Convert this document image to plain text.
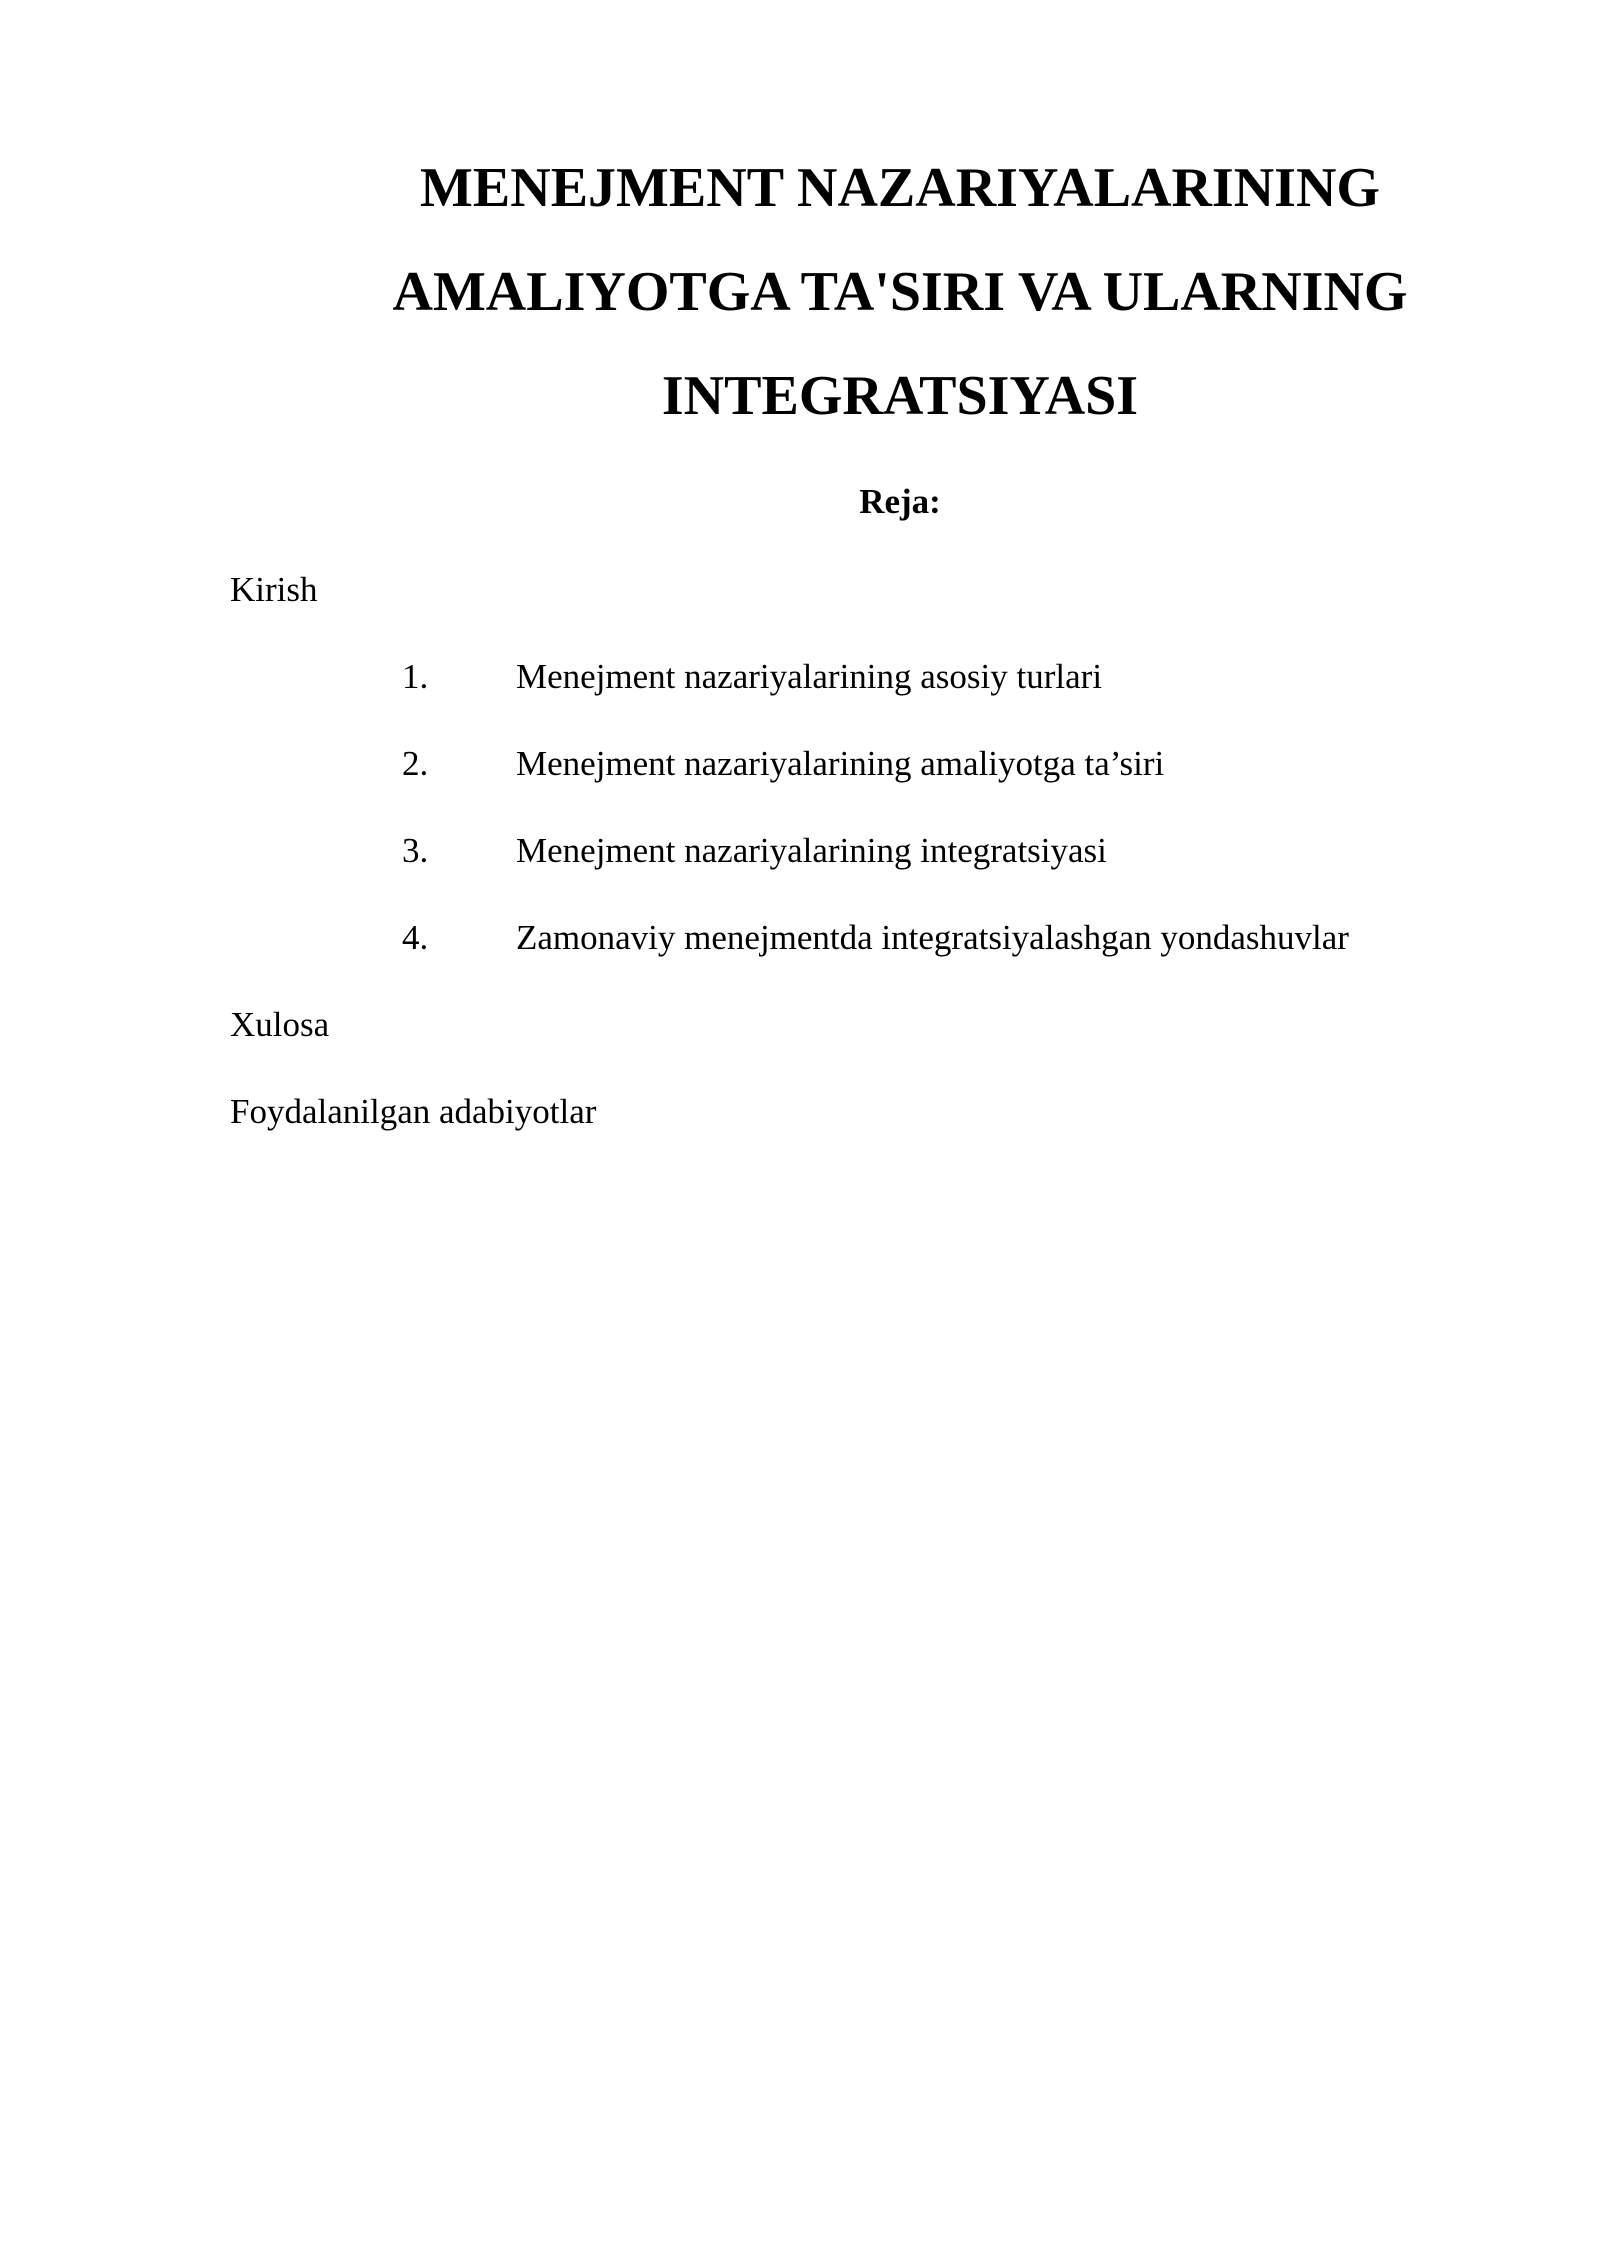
MENEJMENT NAZARIYALARINING
AMALIYOTGA TA'SIRI VA ULARNING
INTEGRATSIYASI
Reja:

Kirish

1.	Menejment nazariyalarining asosiy turlari
2.	Menejment nazariyalarining amaliyotga ta’siri
3.	Menejment nazariyalarining integratsiyasi
4.	Zamonaviy menejmentda integratsiyalashgan yondashuvlar

Xulosa

Foydalanilgan adabiyotlar
